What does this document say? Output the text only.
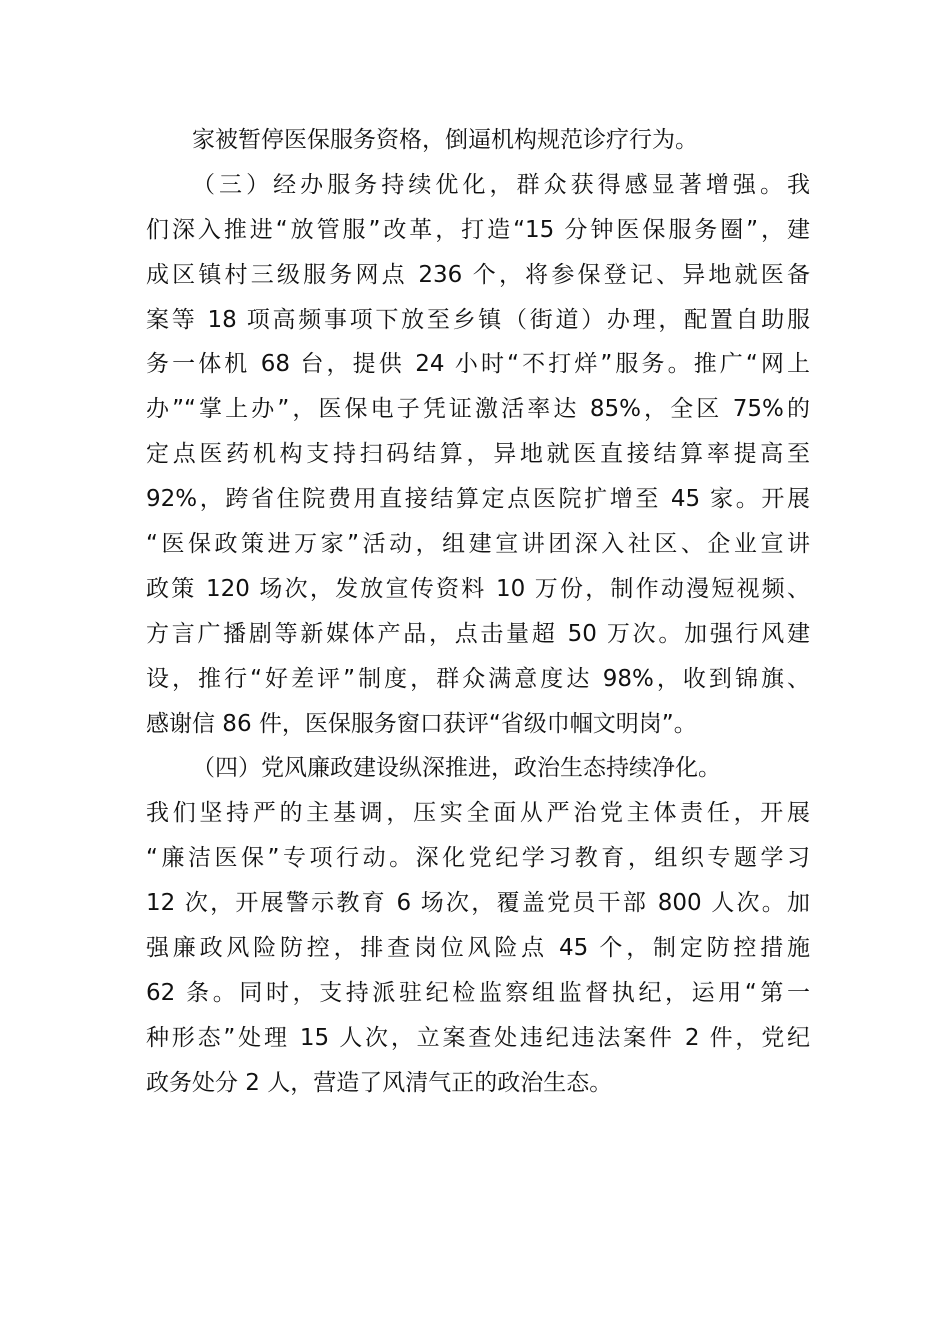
家被暂停医保服务资格，倒逼机构规范诊疗行为。
（三）经办服务持续优化，群众获得感显著增强。我
们深入推进“放管服”改革，打造“15 分钟医保服务圈”，建
成区镇村三级服务网点 236 个，将参保登记、异地就医备
案等 18 项高频事项下放至乡镇（街道）办理，配置自助服
务一体机 68 台，提供 24 小时“不打烊”服务。推广“网上
办”“掌上办”，医保电子凭证激活率达 85%，全区 75%的
定点医药机构支持扫码结算，异地就医直接结算率提高至
92%，跨省住院费用直接结算定点医院扩增至 45 家。开展
“医保政策进万家”活动，组建宣讲团深入社区、企业宣讲
政策 120 场次，发放宣传资料 10 万份，制作动漫短视频、
方言广播剧等新媒体产品，点击量超 50 万次。加强行风建
设，推行“好差评”制度，群众满意度达 98%，收到锦旗、
感谢信 86 件，医保服务窗口获评“省级巾帼文明岗”。
（四）党风廉政建设纵深推进，政治生态持续净化。
我们坚持严的主基调，压实全面从严治党主体责任，开展
“廉洁医保”专项行动。深化党纪学习教育，组织专题学习
12 次，开展警示教育 6 场次，覆盖党员干部 800 人次。加
强廉政风险防控，排查岗位风险点 45 个，制定防控措施
62 条。同时，支持派驻纪检监察组监督执纪，运用“第一
种形态”处理 15 人次，立案查处违纪违法案件 2 件，党纪
政务处分 2 人，营造了风清气正的政治生态。
